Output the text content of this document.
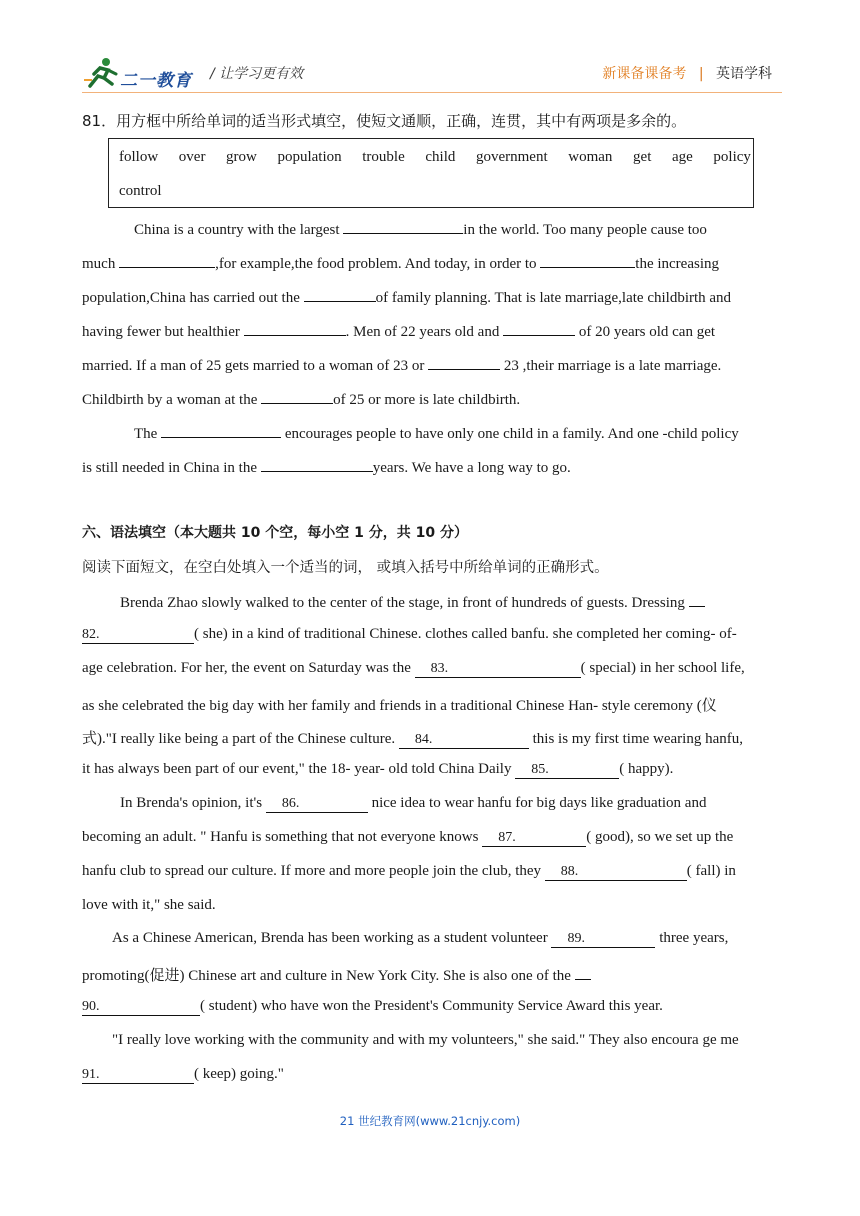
二一教育 / 让学习更有效	新课备课备考 | 英语学科
81．用方框中所给单词的适当形式填空，使短文通顺，正确，连贯，其中有两项是多余的。
follow over grow population trouble child government woman get age policy
control
China is a country with the largest	in the world. Too many people cause too
much	,for example,the food problem. And today, in order to	the increasing
population,China has carried out the	of family planning. That is late marriage,late childbirth and
having fewer but healthier	. Men of 22 years old and	of 20 years old can get
married. If a man of 25 gets married to a woman of 23 or	23 ,their marriage is a late marriage.
Childbirth by a woman at the	of 25 or more is late childbirth.
The	encourages people to have only one child in a family. And one -child policy
is still needed in China in the	years. We have a long way to go.
六、语法填空（本大题共 10 个空，每小空 1 分，共 10 分）
阅读下面短文，在空白处填入一个适当的词， 或填入括号中所给单词的正确形式。
Brenda Zhao slowly walked to the center of the stage, in front of hundreds of guests. Dressing
82.	( she) in a kind of traditional Chinese. clothes called banfu. she completed her coming- of-
age celebration. For her, the event on Saturday was the 83.	( special) in her school life,
as she celebrated the big day with her family and friends in a traditional Chinese Han- style ceremony (仪
式)."I really like being a part of the Chinese culture. 84.	this is my first time wearing hanfu,
it has always been part of our event," the 18- year- old told China Daily 85.	( happy).
In Brenda's opinion, it's 86.	nice idea to wear hanfu for big days like graduation and
becoming an adult. " Hanfu is something that not everyone knows 87.	( good), so we set up the
hanfu club to spread our culture. If more and more people join the club, they 88.	( fall) in
love with it," she said.
As a Chinese American, Brenda has been working as a student volunteer 89.	three years,
promoting(促进) Chinese art and culture in New York City. She is also one of the
90.	( student) who have won the President's Community Service Award this year.
"I really love working with the community and with my volunteers," she said." They also encoura ge me
91.	( keep) going."
21 世纪教育网(www.21cnjy.com)
